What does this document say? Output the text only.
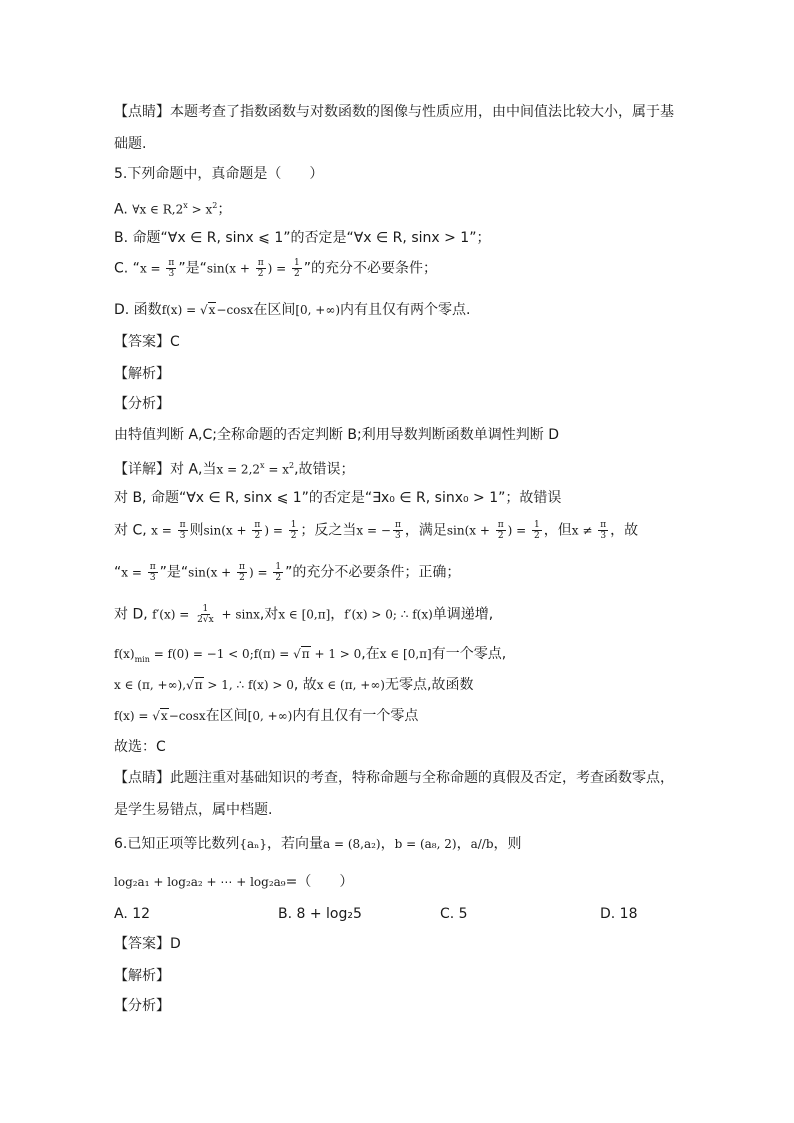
【点睛】本题考查了指数函数与对数函数的图像与性质应用，由中间值法比较大小，属于基
础题.
5.下列命题中，真命题是（　　）
A. ∀x ∈ $R,2^x > x^2$；
B. 命题“∀x ∈ R, sinx ⩽ 1”的否定是“∀x ∈ R, sinx > 1”；
C. “$x = \frac{\pi}{3}$ ”是“$\sin(x + \frac{\pi}{2}$ ) = $\frac{1}{2}$ ”的充分不必要条件；
D. 函数f(x) = √x−cosx在区间[0, +∞)内有且仅有两个零点.
【答案】C
【解析】
【分析】
由特值判断 A,C;全称命题的否定判断 B;利用导数判断函数单调性判断 D
【详解】对 A,当$x = 2,2^x = x^2$,故错误；
对 B, 命题“∀x ∈ R, sinx ⩽ 1”的否定是“∃x₀ ∈ R, sinx₀ > 1”；故错误
对 C, $x = \frac{\pi}{3}$ 则$\sin(x + \frac{\pi}{2}$ ) = $\frac{1}{2}$ ；反之当x = − $\frac{\pi}{3}$ ，满足$\sin(x + \frac{\pi}{2}$ ) = $\frac{1}{2}$ ，但$x \ne \frac{\pi}{3}$ ，故
“$x = \frac{\pi}{3}$ ”是“$\sin(x + \frac{\pi}{2}$ ) = $\frac{1}{2}$ ”的充分不必要条件；正确；
对 D, $f'(x) = \frac{1}{2√x} + \sin x$,对x ∈ [0,π]，f′(x) > 0; ∴ f(x)单调递增,
$f(x)_{min} = f(0) = -1$ < 0;f(π) = √π + 1 > 0,在x ∈ [0,π]有一个零点,
x ∈ (π, +∞),√π > 1, ∴ f(x) > 0, 故x ∈ (π, +∞)无零点,故函数
f(x) = √x−cosx在区间[0, +∞)内有且仅有一个零点
故选：C
【点睛】此题注重对基础知识的考查，特称命题与全称命题的真假及否定，考查函数零点，
是学生易错点，属中档题.
6.已知正项等比数列{aₙ}，若向量a = (8,a₂)，b = (a₈, 2)，a//b，则
log₂a₁ + log₂a₂ + ⋯ + log₂a₉=（　　）
A. 12	B. 8 + log₂5	C. 5	D. 18
【答案】D
【解析】
【分析】
